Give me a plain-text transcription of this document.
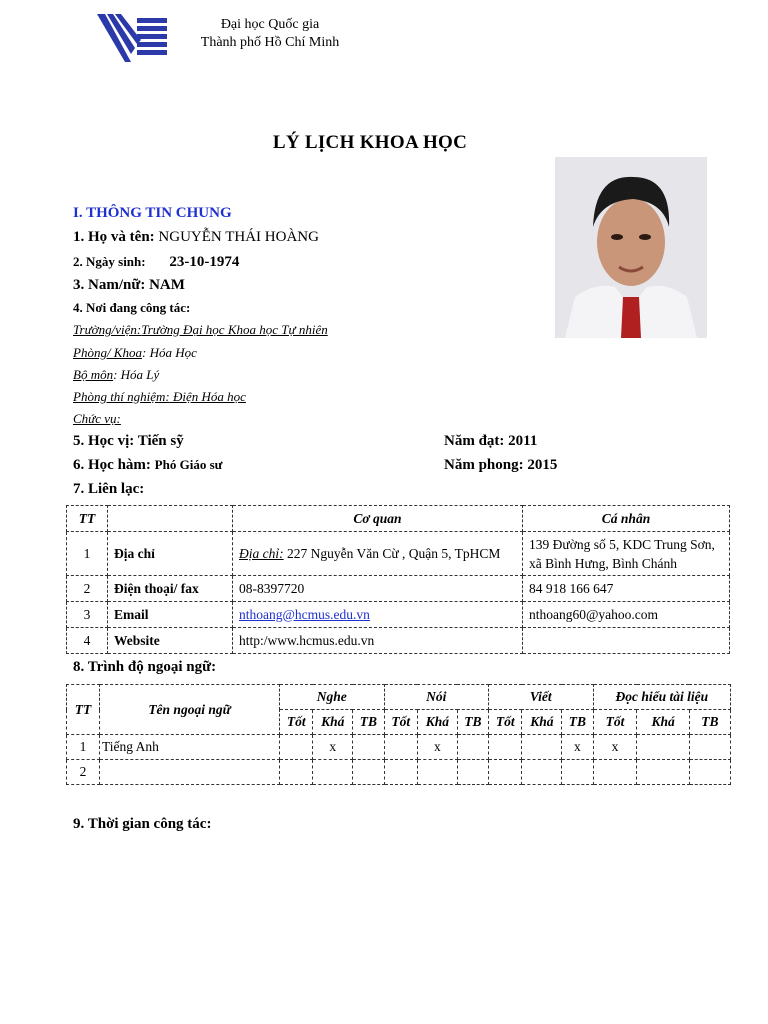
Đại học Quốc gia
Thành phố Hồ Chí Minh
LÝ LỊCH KHOA HỌC
I. THÔNG TIN CHUNG
1. Họ và tên: NGUYỄN THÁI HOÀNG
2. Ngày sinh: 23-10-1974
3. Nam/nữ: NAM
4. Nơi đang công tác:
Trường/viện:Trường Đại học Khoa học Tự nhiên
Phòng/ Khoa: Hóa Học
Bộ môn: Hóa Lý
Phòng thí nghiệm: Điện Hóa học
Chức vụ:
5. Học vị: Tiến sỹ	Năm đạt: 2011
6. Học hàm: Phó Giáo sư	Năm phong: 2015
7. Liên lạc:
TT		Cơ quan	Cá nhân
1	Địa chỉ	Địa chỉ: 227 Nguyễn Văn Cừ , Quận 5, TpHCM	139 Đường số 5, KDC Trung Sơn, xã Bình Hưng, Bình Chánh
2	Điện thoại/ fax	08-8397720	84 918 166 647
3	Email	nthoang@hcmus.edu.vn	nthoang60@yahoo.com
4	Website	http:/www.hcmus.edu.vn	
8. Trình độ ngoại ngữ:
TT	Tên ngoại ngữ	Nghe			Nói			Viết			Đọc hiểu tài liệu		
		Tốt	Khá	TB	Tốt	Khá	TB	Tốt	Khá	TB	Tốt	Khá	TB
1	Tiếng Anh		x			x				x	x		
2													
9. Thời gian công tác:
